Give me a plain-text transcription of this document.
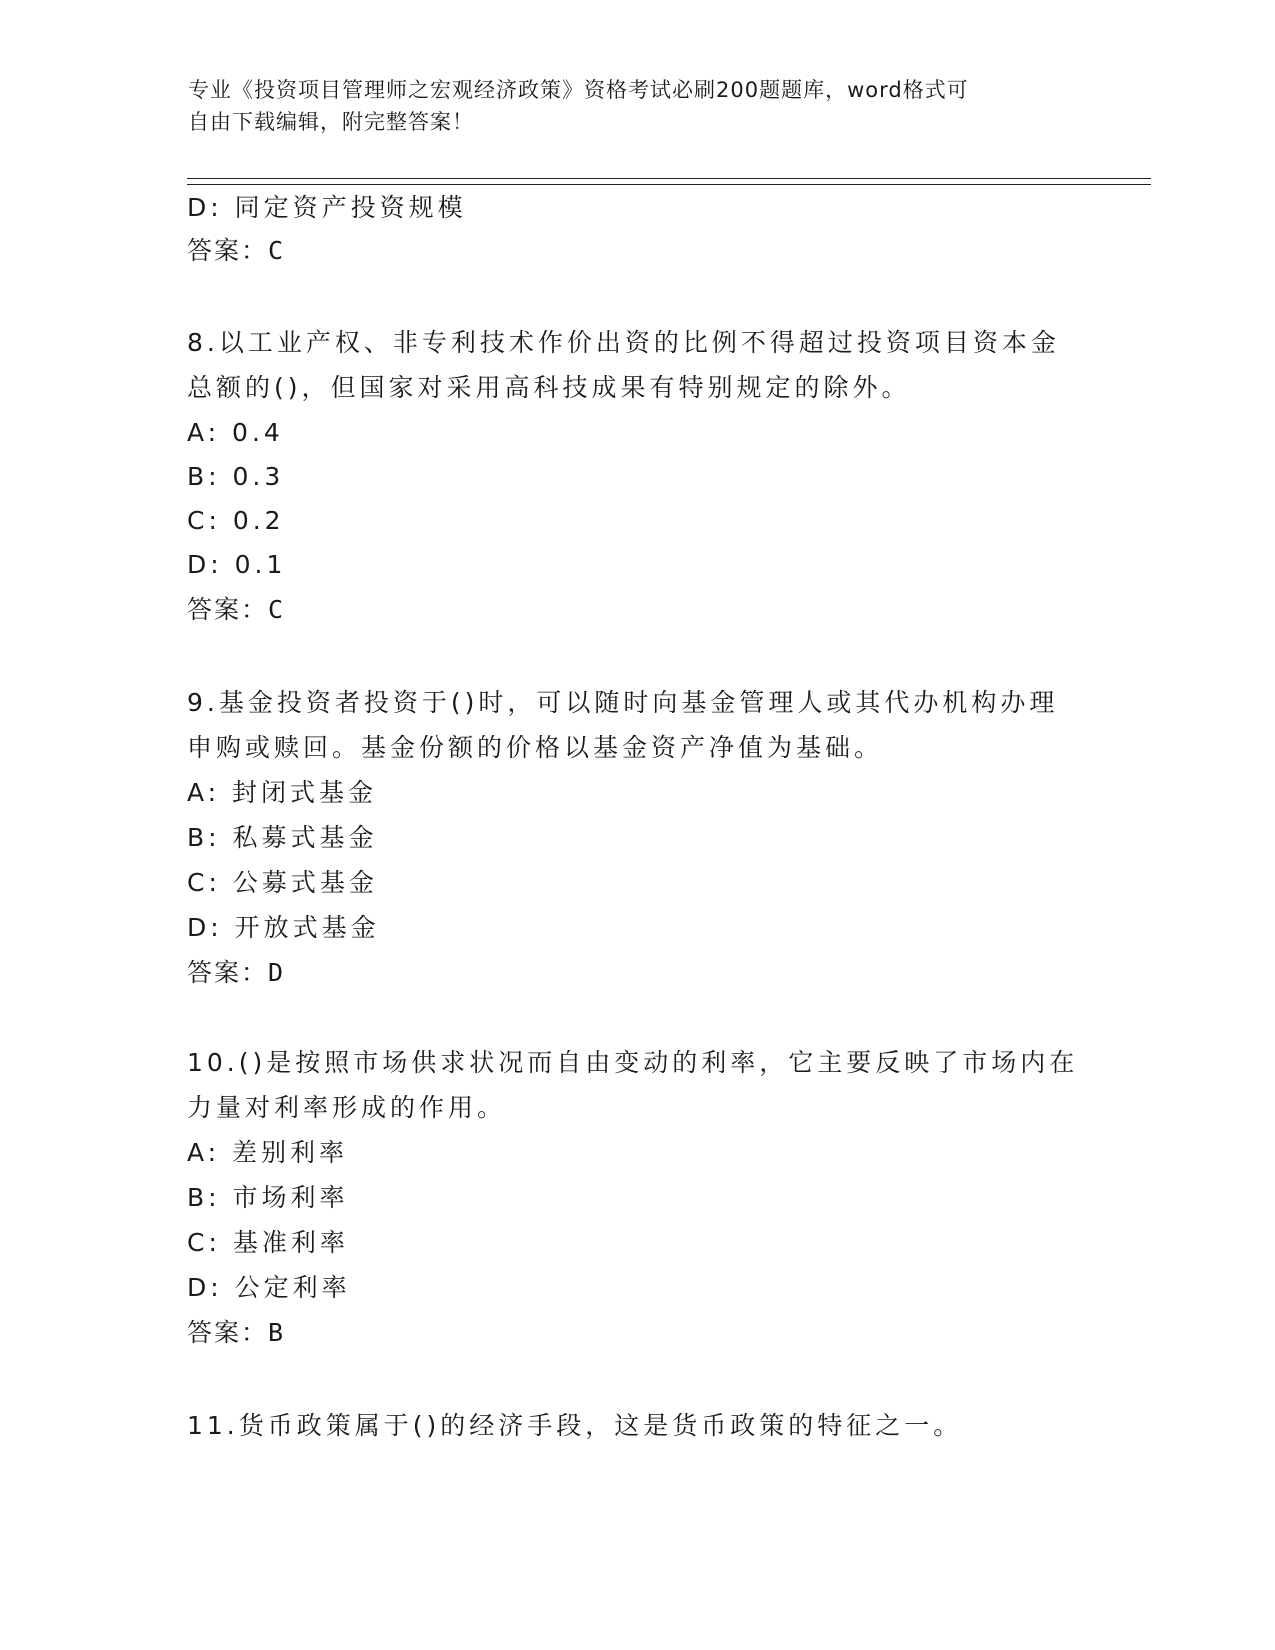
专业《投资项目管理师之宏观经济政策》资格考试必刷200题题库，word格式可
自由下载编辑，附完整答案！
D: 同定资产投资规模
答案：C
8.以工业产权、非专利技术作价出资的比例不得超过投资项目资本金
总额的()，但国家对采用高科技成果有特别规定的除外。
A: 0.4
B: 0.3
C: 0.2
D: 0.1
答案：C
9.基金投资者投资于()时，可以随时向基金管理人或其代办机构办理
申购或赎回。基金份额的价格以基金资产净值为基础。
A: 封闭式基金
B: 私募式基金
C: 公募式基金
D: 开放式基金
答案：D
10.()是按照市场供求状况而自由变动的利率，它主要反映了市场内在
力量对利率形成的作用。
A: 差别利率
B: 市场利率
C: 基准利率
D: 公定利率
答案：B
11.货币政策属于()的经济手段，这是货币政策的特征之一。
